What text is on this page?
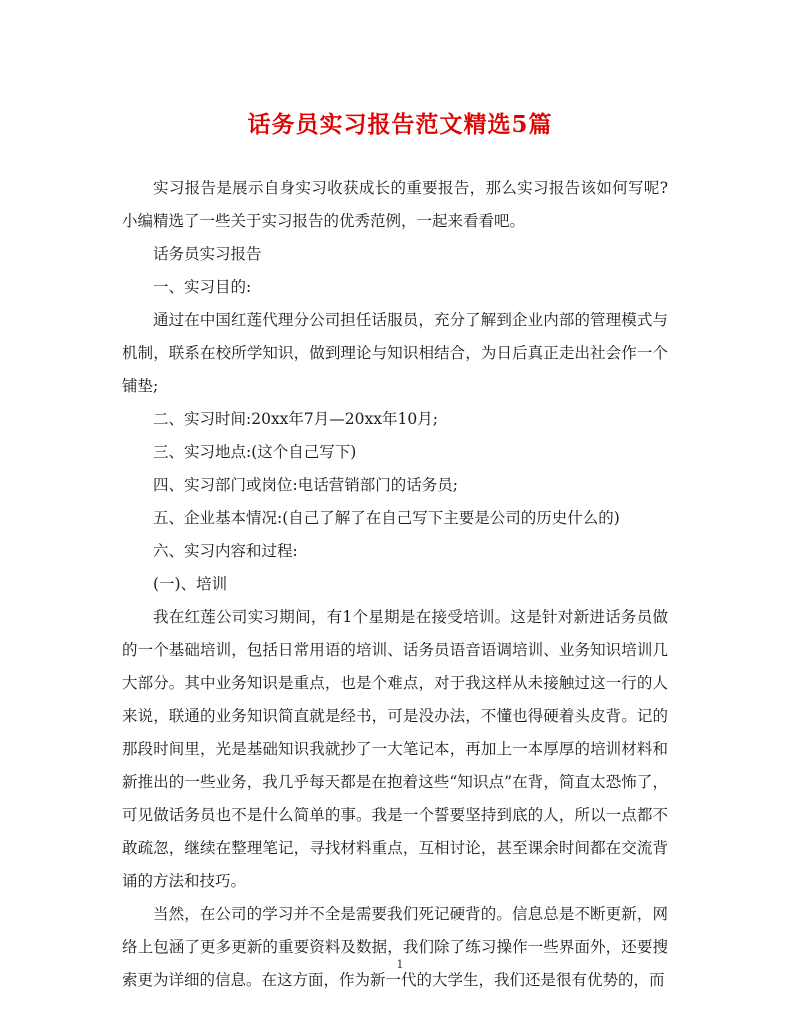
话务员实习报告范文精选5篇

实习报告是展示自身实习收获成长的重要报告，那么实习报告该如何写呢?小编精选了一些关于实习报告的优秀范例，一起来看看吧。

话务员实习报告

一、实习目的:

通过在中国红莲代理分公司担任话服员，充分了解到企业内部的管理模式与机制，联系在校所学知识，做到理论与知识相结合，为日后真正走出社会作一个铺垫;

二、实习时间:20xx年7月—20xx年10月;

三、实习地点:(这个自己写下)

四、实习部门或岗位:电话营销部门的话务员;

五、企业基本情况:(自己了解了在自己写下主要是公司的历史什么的)

六、实习内容和过程:

(一)、培训

我在红莲公司实习期间，有1个星期是在接受培训。这是针对新进话务员做的一个基础培训，包括日常用语的培训、话务员语音语调培训、业务知识培训几大部分。其中业务知识是重点，也是个难点，对于我这样从未接触过这一行的人来说，联通的业务知识简直就是经书，可是没办法，不懂也得硬着头皮背。记的那段时间里，光是基础知识我就抄了一大笔记本，再加上一本厚厚的培训材料和新推出的一些业务，我几乎每天都是在抱着这些“知识点”在背，简直太恐怖了，可见做话务员也不是什么简单的事。我是一个誓要坚持到底的人，所以一点都不敢疏忽，继续在整理笔记，寻找材料重点，互相讨论，甚至课余时间都在交流背诵的方法和技巧。

当然，在公司的学习并不全是需要我们死记硬背的。信息总是不断更新，网络上包涵了更多更新的重要资料及数据，我们除了练习操作一些界面外，还要搜索更为详细的信息。在这方面，作为新一代的大学生，我们还是很有优势的，而

1
